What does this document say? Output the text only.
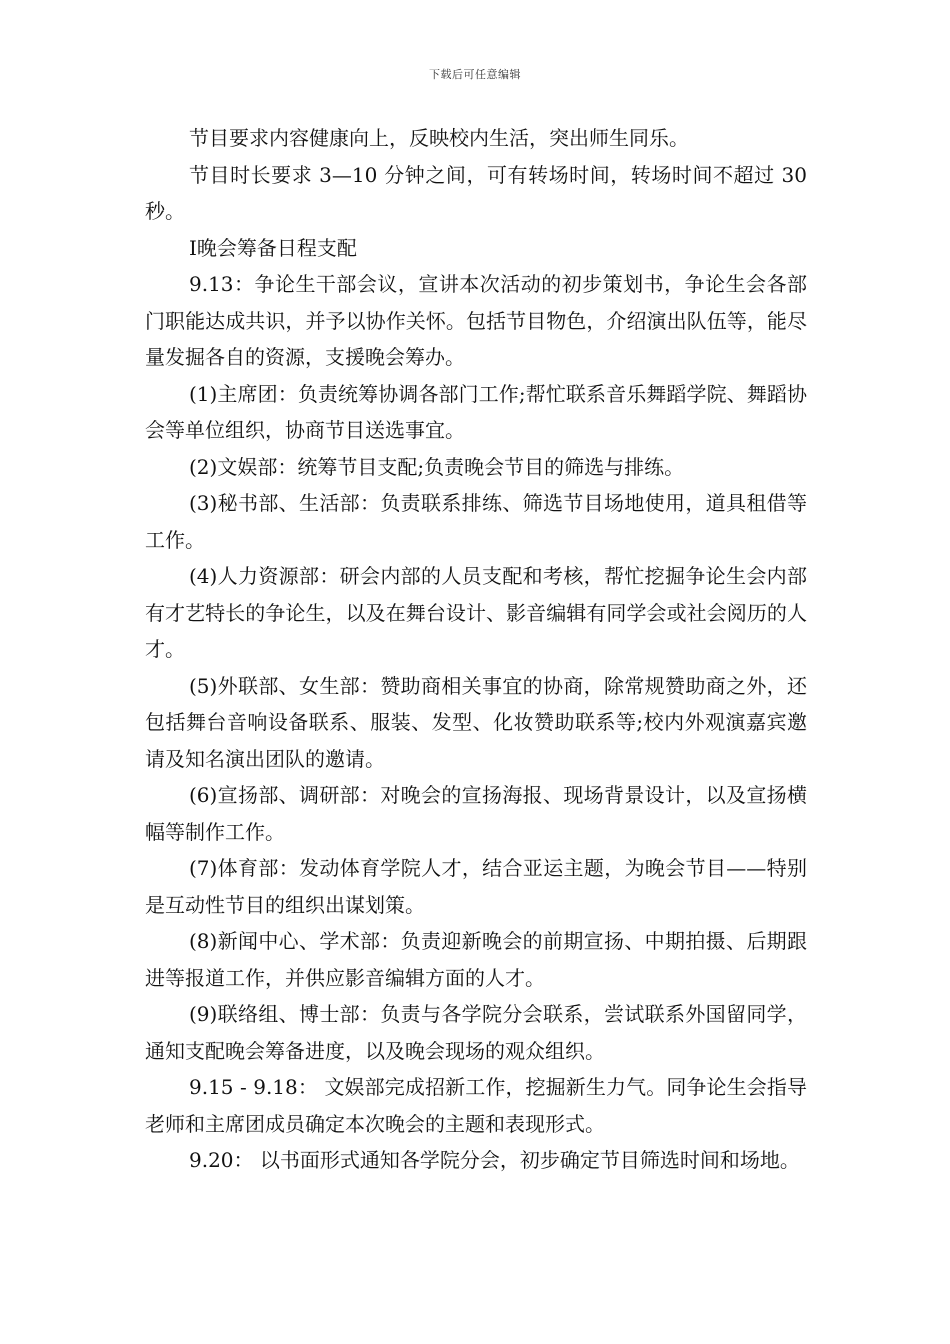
下载后可任意编辑

节目要求内容健康向上，反映校内生活，突出师生同乐。

节目时长要求 3—10 分钟之间，可有转场时间，转场时间不超过 30 秒。

Ⅰ晚会筹备日程支配

9.13：争论生干部会议，宣讲本次活动的初步策划书，争论生会各部门职能达成共识，并予以协作关怀。包括节目物色，介绍演出队伍等，能尽量发掘各自的资源，支援晚会筹办。

(1)主席团：负责统筹协调各部门工作;帮忙联系音乐舞蹈学院、舞蹈协会等单位组织，协商节目送选事宜。

(2)文娱部：统筹节目支配;负责晚会节目的筛选与排练。

(3)秘书部、生活部：负责联系排练、筛选节目场地使用，道具租借等工作。

(4)人力资源部：研会内部的人员支配和考核，帮忙挖掘争论生会内部有才艺特长的争论生，以及在舞台设计、影音编辑有同学会或社会阅历的人才。

(5)外联部、女生部：赞助商相关事宜的协商，除常规赞助商之外，还包括舞台音响设备联系、服装、发型、化妆赞助联系等;校内外观演嘉宾邀请及知名演出团队的邀请。

(6)宣扬部、调研部：对晚会的宣扬海报、现场背景设计，以及宣扬横幅等制作工作。

(7)体育部：发动体育学院人才，结合亚运主题，为晚会节目——特别是互动性节目的组织出谋划策。

(8)新闻中心、学术部：负责迎新晚会的前期宣扬、中期拍摄、后期跟进等报道工作，并供应影音编辑方面的人才。

(9)联络组、博士部：负责与各学院分会联系，尝试联系外国留同学，通知支配晚会筹备进度，以及晚会现场的观众组织。

9.15 - 9.18： 文娱部完成招新工作，挖掘新生力气。同争论生会指导老师和主席团成员确定本次晚会的主题和表现形式。

9.20： 以书面形式通知各学院分会，初步确定节目筛选时间和场地。
